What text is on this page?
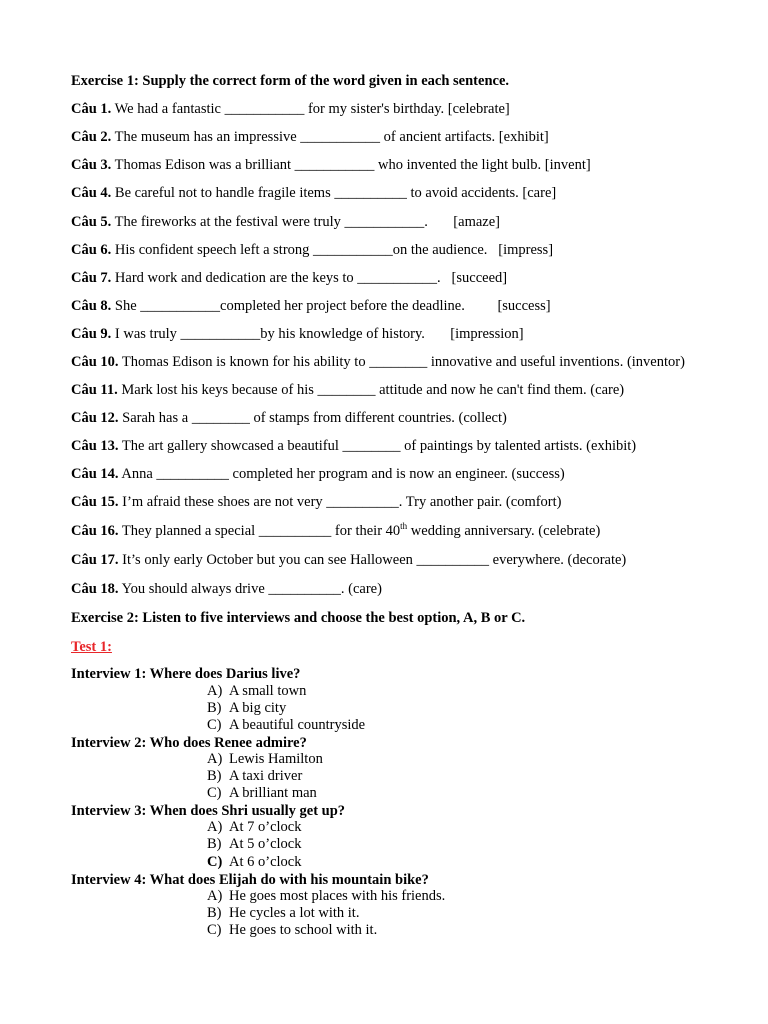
Exercise 1: Supply the correct form of the word given in each sentence.
Câu 1. We had a fantastic ___________ for my sister's birthday. [celebrate]
Câu 2. The museum has an impressive ___________ of ancient artifacts. [exhibit]
Câu 3. Thomas Edison was a brilliant ___________ who invented the light bulb. [invent]
Câu 4. Be careful not to handle fragile items __________ to avoid accidents. [care]
Câu 5. The fireworks at the festival were truly ___________.       [amaze]
Câu 6. His confident speech left a strong ___________on the audience.   [impress]
Câu 7. Hard work and dedication are the keys to ___________.   [succeed]
Câu 8. She ___________completed her project before the deadline.         [success]
Câu 9. I was truly ___________by his knowledge of history.       [impression]
Câu 10. Thomas Edison is known for his ability to ________ innovative and useful inventions. (inventor)
Câu 11. Mark lost his keys because of his ________ attitude and now he can't find them. (care)
Câu 12. Sarah has a ________ of stamps from different countries. (collect)
Câu 13. The art gallery showcased a beautiful ________ of paintings by talented artists. (exhibit)
Câu 14. Anna __________ completed her program and is now an engineer. (success)
Câu 15. I’m afraid these shoes are not very __________. Try another pair. (comfort)
Câu 16. They planned a special __________ for their 40th wedding anniversary. (celebrate)
Câu 17. It’s only early October but you can see Halloween __________ everywhere. (decorate)
Câu 18. You should always drive __________. (care)
Exercise 2: Listen to five interviews and choose the best option, A, B or C.
Test 1:
Interview 1: Where does Darius live?
A) A small town
B) A big city
C) A beautiful countryside
Interview 2: Who does Renee admire?
A) Lewis Hamilton
B) A taxi driver
C) A brilliant man
Interview 3: When does Shri usually get up?
A) At 7 o’clock
B) At 5 o’clock
C) At 6 o’clock
Interview 4: What does Elijah do with his mountain bike?
A) He goes most places with his friends.
B) He cycles a lot with it.
C) He goes to school with it.
